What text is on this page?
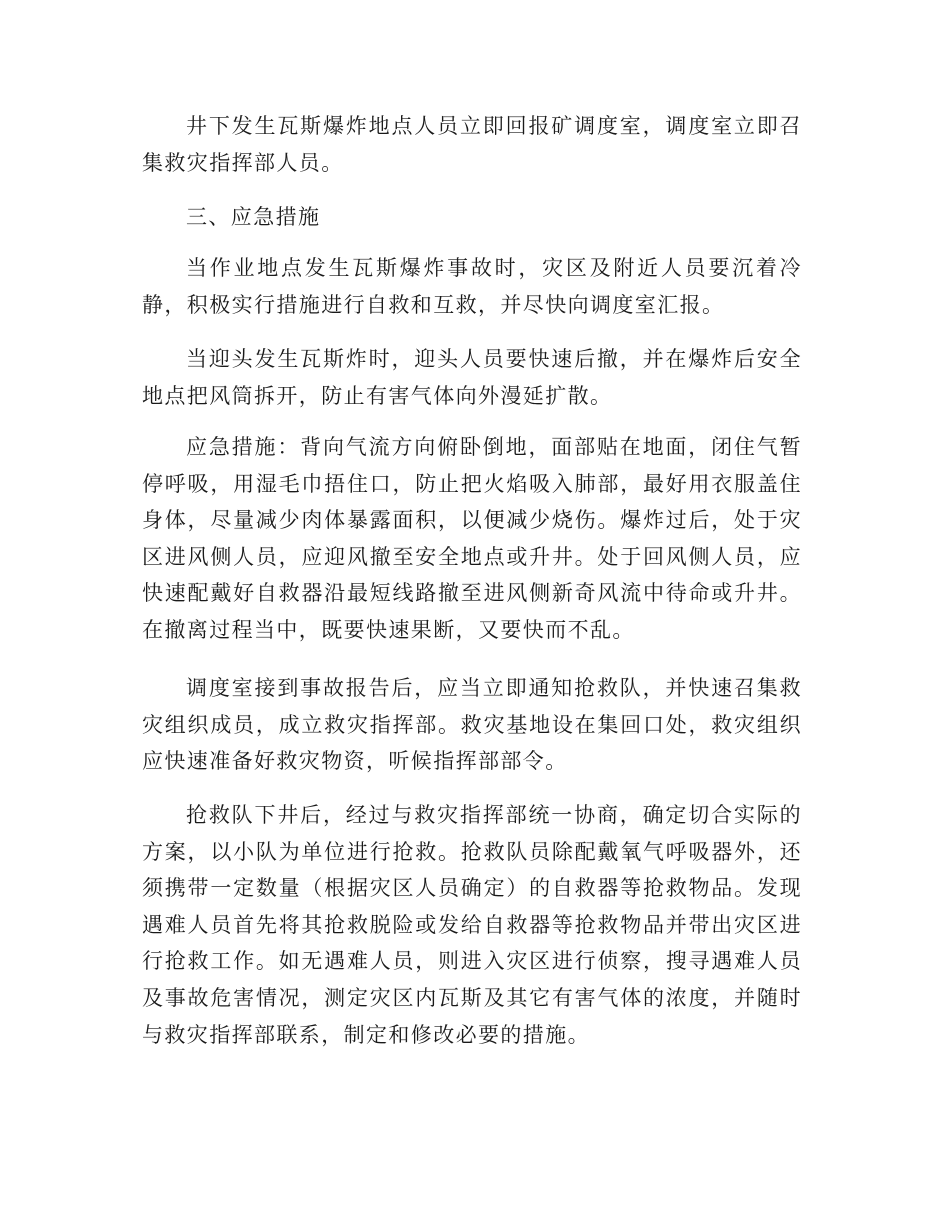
井下发生瓦斯爆炸地点人员立即回报矿调度室，调度室立即召集救灾指挥部人员。

三、应急措施

当作业地点发生瓦斯爆炸事故时，灾区及附近人员要沉着冷静，积极实行措施进行自救和互救，并尽快向调度室汇报。

当迎头发生瓦斯炸时，迎头人员要快速后撤，并在爆炸后安全地点把风筒拆开，防止有害气体向外漫延扩散。

应急措施：背向气流方向俯卧倒地，面部贴在地面，闭住气暂停呼吸，用湿毛巾捂住口，防止把火焰吸入肺部，最好用衣服盖住身体，尽量减少肉体暴露面积，以便减少烧伤。爆炸过后，处于灾区进风侧人员，应迎风撤至安全地点或升井。处于回风侧人员，应快速配戴好自救器沿最短线路撤至进风侧新奇风流中待命或升井。在撤离过程当中，既要快速果断，又要快而不乱。

调度室接到事故报告后，应当立即通知抢救队，并快速召集救灾组织成员，成立救灾指挥部。救灾基地设在集回口处，救灾组织应快速准备好救灾物资，听候指挥部部令。

抢救队下井后，经过与救灾指挥部统一协商，确定切合实际的方案，以小队为单位进行抢救。抢救队员除配戴氧气呼吸器外，还须携带一定数量（根据灾区人员确定）的自救器等抢救物品。发现遇难人员首先将其抢救脱险或发给自救器等抢救物品并带出灾区进行抢救工作。如无遇难人员，则进入灾区进行侦察，搜寻遇难人员及事故危害情况，测定灾区内瓦斯及其它有害气体的浓度，并随时与救灾指挥部联系，制定和修改必要的措施。
